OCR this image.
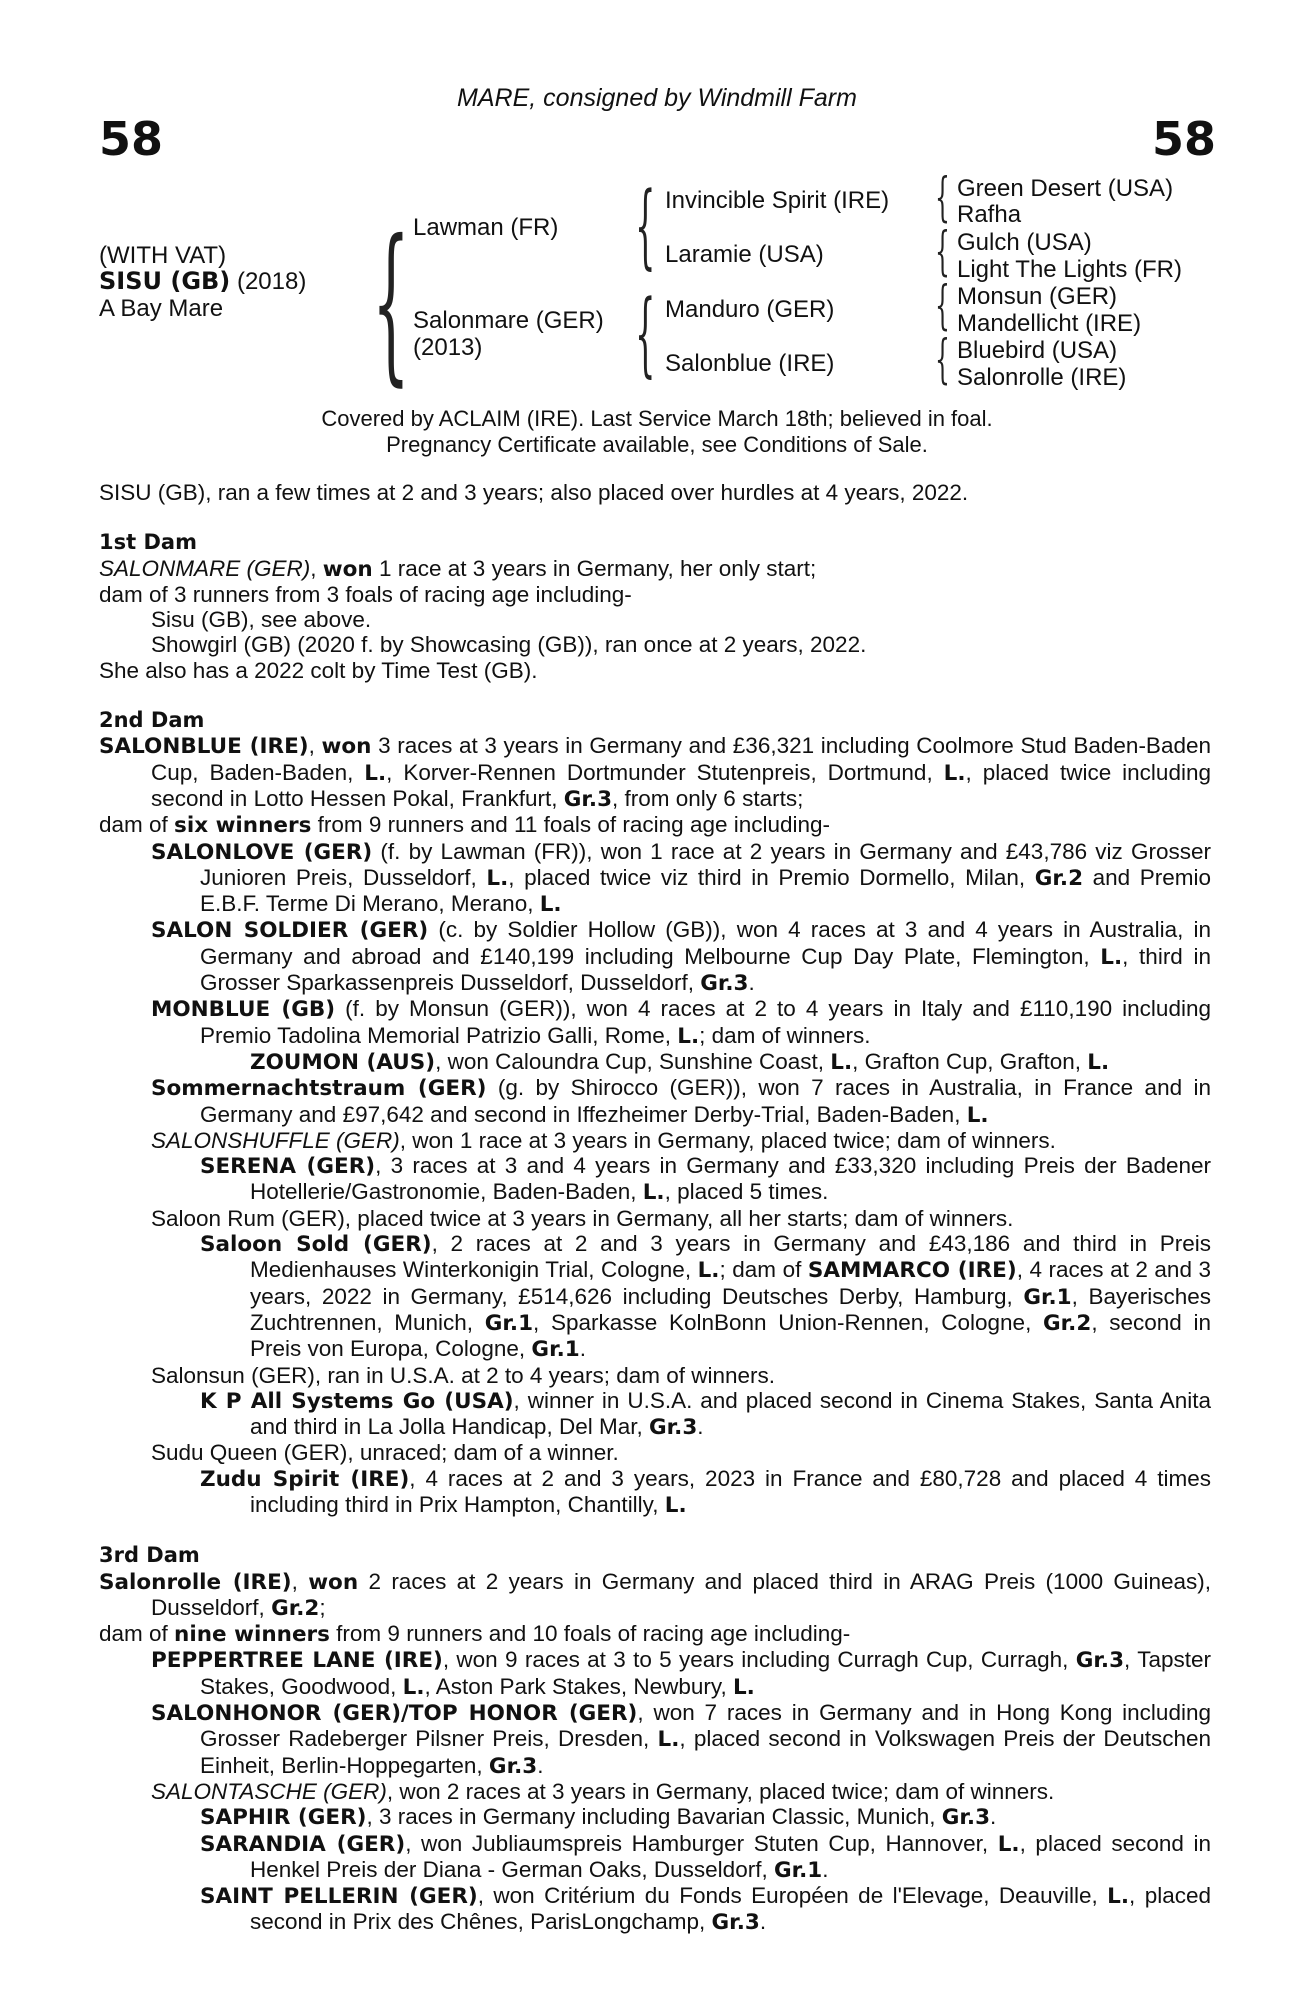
58	58
MARE, consigned by Windmill Farm
(WITH VAT)
SISU (GB) (2018)
A Bay Mare { Lawman (FR)
Salonmare (GER)
(2013)
{
{
Invincible Spirit (IRE)
Laramie (USA)
Manduro (GER)
Salonblue (IRE)
{
{
{
{
Green Desert (USA)
Rafha
Gulch (USA)
Light The Lights (FR)
Monsun (GER)
Mandellicht (IRE)
Bluebird (USA)
Salonrolle (IRE)
Covered by ACLAIM (IRE). Last Service March 18th; believed in foal.
Pregnancy Certificate available, see Conditions of Sale.

SISU (GB), ran a few times at 2 and 3 years; also placed over hurdles at 4 years, 2022.

1st Dam

SALONMARE (GER), won 1 race at 3 years in Germany, her only start;

dam of 3 runners from 3 foals of racing age including-

Sisu (GB), see above.

Showgirl (GB) (2020 f. by Showcasing (GB)), ran once at 2 years, 2022.

She also has a 2022 colt by Time Test (GB).

2nd Dam

SALONBLUE (IRE), won 3 races at 3 years in Germany and £36,321 including Coolmore Stud Baden-Baden Cup, Baden-Baden, L., Korver-Rennen Dortmunder Stutenpreis, Dortmund, L., placed twice including second in Lotto Hessen Pokal, Frankfurt, Gr.3, from only 6 starts;

dam of six winners from 9 runners and 11 foals of racing age including-

SALONLOVE (GER) (f. by Lawman (FR)), won 1 race at 2 years in Germany and £43,786 viz Grosser Junioren Preis, Dusseldorf, L., placed twice viz third in Premio Dormello, Milan, Gr.2 and Premio E.B.F. Terme Di Merano, Merano, L.

SALON SOLDIER (GER) (c. by Soldier Hollow (GB)), won 4 races at 3 and 4 years in Australia, in Germany and abroad and £140,199 including Melbourne Cup Day Plate, Flemington, L., third in Grosser Sparkassenpreis Dusseldorf, Dusseldorf, Gr.3.

MONBLUE (GB) (f. by Monsun (GER)), won 4 races at 2 to 4 years in Italy and £110,190 including Premio Tadolina Memorial Patrizio Galli, Rome, L.; dam of winners.

ZOUMON (AUS), won Caloundra Cup, Sunshine Coast, L., Grafton Cup, Grafton, L.

Sommernachtstraum (GER) (g. by Shirocco (GER)), won 7 races in Australia, in France and in Germany and £97,642 and second in Iffezheimer Derby-Trial, Baden-Baden, L.

SALONSHUFFLE (GER), won 1 race at 3 years in Germany, placed twice; dam of winners.

SERENA (GER), 3 races at 3 and 4 years in Germany and £33,320 including Preis der Badener Hotellerie/Gastronomie, Baden-Baden, L., placed 5 times.

Saloon Rum (GER), placed twice at 3 years in Germany, all her starts; dam of winners.

Saloon Sold (GER), 2 races at 2 and 3 years in Germany and £43,186 and third in Preis Medienhauses Winterkonigin Trial, Cologne, L.; dam of SAMMARCO (IRE), 4 races at 2 and 3 years, 2022 in Germany, £514,626 including Deutsches Derby, Hamburg, Gr.1, Bayerisches Zuchtrennen, Munich, Gr.1, Sparkasse KolnBonn Union-Rennen, Cologne, Gr.2, second in Preis von Europa, Cologne, Gr.1.

Salonsun (GER), ran in U.S.A. at 2 to 4 years; dam of winners.

K P All Systems Go (USA), winner in U.S.A. and placed second in Cinema Stakes, Santa Anita and third in La Jolla Handicap, Del Mar, Gr.3.

Sudu Queen (GER), unraced; dam of a winner.

Zudu Spirit (IRE), 4 races at 2 and 3 years, 2023 in France and £80,728 and placed 4 times including third in Prix Hampton, Chantilly, L.

3rd Dam

Salonrolle (IRE), won 2 races at 2 years in Germany and placed third in ARAG Preis (1000 Guineas), Dusseldorf, Gr.2;

dam of nine winners from 9 runners and 10 foals of racing age including-

PEPPERTREE LANE (IRE), won 9 races at 3 to 5 years including Curragh Cup, Curragh, Gr.3, Tapster Stakes, Goodwood, L., Aston Park Stakes, Newbury, L.

SALONHONOR (GER)/TOP HONOR (GER), won 7 races in Germany and in Hong Kong including Grosser Radeberger Pilsner Preis, Dresden, L., placed second in Volkswagen Preis der Deutschen Einheit, Berlin-Hoppegarten, Gr.3.

SALONTASCHE (GER), won 2 races at 3 years in Germany, placed twice; dam of winners.

SAPHIR (GER), 3 races in Germany including Bavarian Classic, Munich, Gr.3.

SARANDIA (GER), won Jubliaumspreis Hamburger Stuten Cup, Hannover, L., placed second in Henkel Preis der Diana - German Oaks, Dusseldorf, Gr.1.

SAINT PELLERIN (GER), won Critérium du Fonds Européen de l'Elevage, Deauville, L., placed second in Prix des Chênes, ParisLongchamp, Gr.3.
